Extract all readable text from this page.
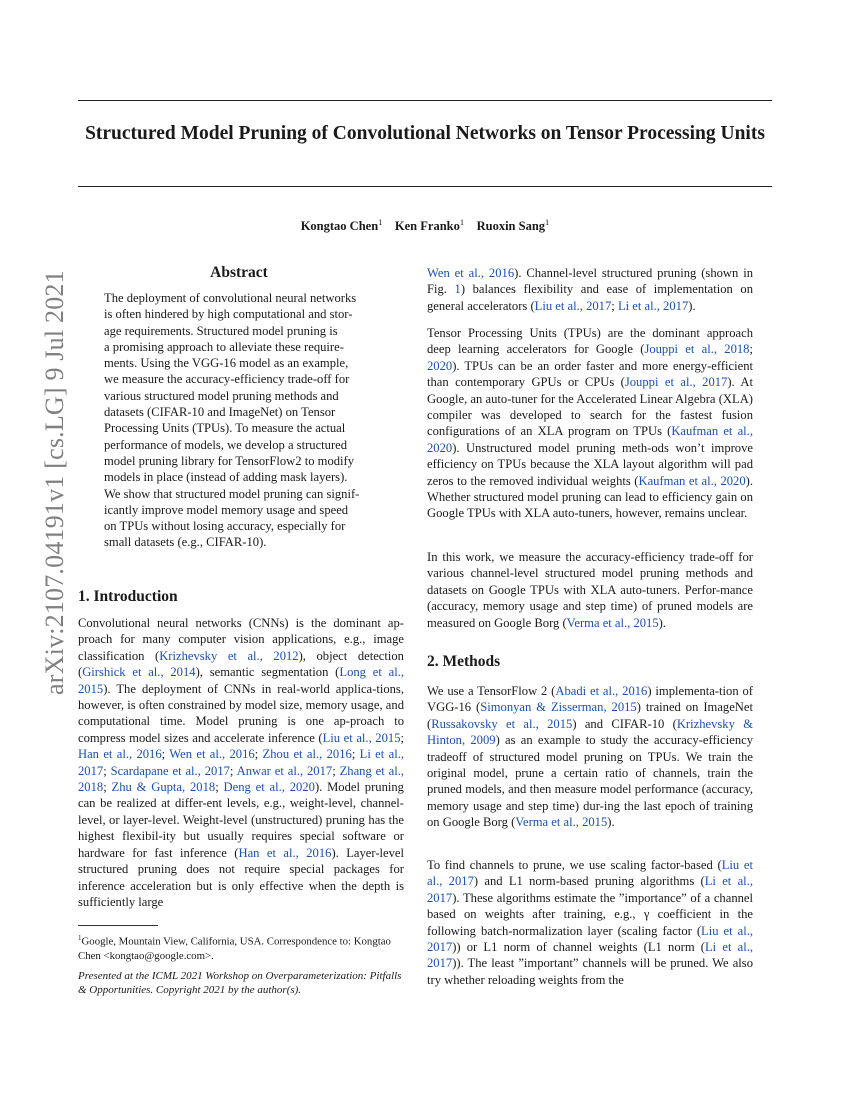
arXiv:2107.04191v1 [cs.LG] 9 Jul 2021
Structured Model Pruning of Convolutional Networks on Tensor Processing Units
Kongtao Chen$^1$ Ken Franko$^1$ Ruoxin Sang$^1$
Abstract
The deployment of convolutional neural networks
is often hindered by high computational and stor-
age requirements. Structured model pruning is
a promising approach to alleviate these require-
ments. Using the VGG-16 model as an example,
we measure the accuracy-efficiency trade-off for
various structured model pruning methods and
datasets (CIFAR-10 and ImageNet) on Tensor
Processing Units (TPUs). To measure the actual
performance of models, we develop a structured
model pruning library for TensorFlow2 to modify
models in place (instead of adding mask layers).
We show that structured model pruning can signif-
icantly improve model memory usage and speed
on TPUs without losing accuracy, especially for
small datasets (e.g., CIFAR-10).
1. Introduction

Convolutional neural networks (CNNs) is the dominant ap-proach for many computer vision applications, e.g., image classification (Krizhevsky et al., 2012), object detection (Girshick et al., 2014), semantic segmentation (Long et al., 2015). The deployment of CNNs in real-world applica-tions, however, is often constrained by model size, memory usage, and computational time. Model pruning is one ap-proach to compress model sizes and accelerate inference (Liu et al., 2015; Han et al., 2016; Wen et al., 2016; Zhou et al., 2016; Li et al., 2017; Scardapane et al., 2017; Anwar et al., 2017; Zhang et al., 2018; Zhu & Gupta, 2018; Deng et al., 2020). Model pruning can be realized at differ-ent levels, e.g., weight-level, channel-level, or layer-level. Weight-level (unstructured) pruning has the highest flexibil-ity but usually requires special software or hardware for fast inference (Han et al., 2016). Layer-level structured pruning does not require special packages for inference acceleration but is only effective when the depth is sufficiently large

$^1$Google, Mountain View, California, USA. Correspondence to: Kongtao Chen <kongtao@google.com>.
Presented at the ICML 2021 Workshop on Overparameterization: Pitfalls & Opportunities. Copyright 2021 by the author(s).

Wen et al., 2016). Channel-level structured pruning (shown in Fig. 1) balances flexibility and ease of implementation on general accelerators (Liu et al., 2017; Li et al., 2017).

Tensor Processing Units (TPUs) are the dominant approach deep learning accelerators for Google (Jouppi et al., 2018; 2020). TPUs can be an order faster and more energy-efficient than contemporary GPUs or CPUs (Jouppi et al., 2017). At Google, an auto-tuner for the Accelerated Linear Algebra (XLA) compiler was developed to search for the fastest fusion configurations of an XLA program on TPUs (Kaufman et al., 2020). Unstructured model pruning meth-ods won’t improve efficiency on TPUs because the XLA layout algorithm will pad zeros to the removed individual weights (Kaufman et al., 2020). Whether structured model pruning can lead to efficiency gain on Google TPUs with XLA auto-tuners, however, remains unclear.

In this work, we measure the accuracy-efficiency trade-off for various channel-level structured model pruning methods and datasets on Google TPUs with XLA auto-tuners. Perfor-mance (accuracy, memory usage and step time) of pruned models are measured on Google Borg (Verma et al., 2015).

2. Methods

We use a TensorFlow 2 (Abadi et al., 2016) implementa-tion of VGG-16 (Simonyan & Zisserman, 2015) trained on ImageNet (Russakovsky et al., 2015) and CIFAR-10 (Krizhevsky & Hinton, 2009) as an example to study the accuracy-efficiency tradeoff of structured model pruning on TPUs. We train the original model, prune a certain ratio of channels, train the pruned models, and then measure model performance (accuracy, memory usage and step time) dur-ing the last epoch of training on Google Borg (Verma et al., 2015).

To find channels to prune, we use scaling factor-based (Liu et al., 2017) and L1 norm-based pruning algorithms (Li et al., 2017). These algorithms estimate the ”importance” of a channel based on weights after training, e.g., γ coefficient in the following batch-normalization layer (scaling factor (Liu et al., 2017)) or L1 norm of channel weights (L1 norm (Li et al., 2017)). The least ”important” channels will be pruned. We also try whether reloading weights from the
